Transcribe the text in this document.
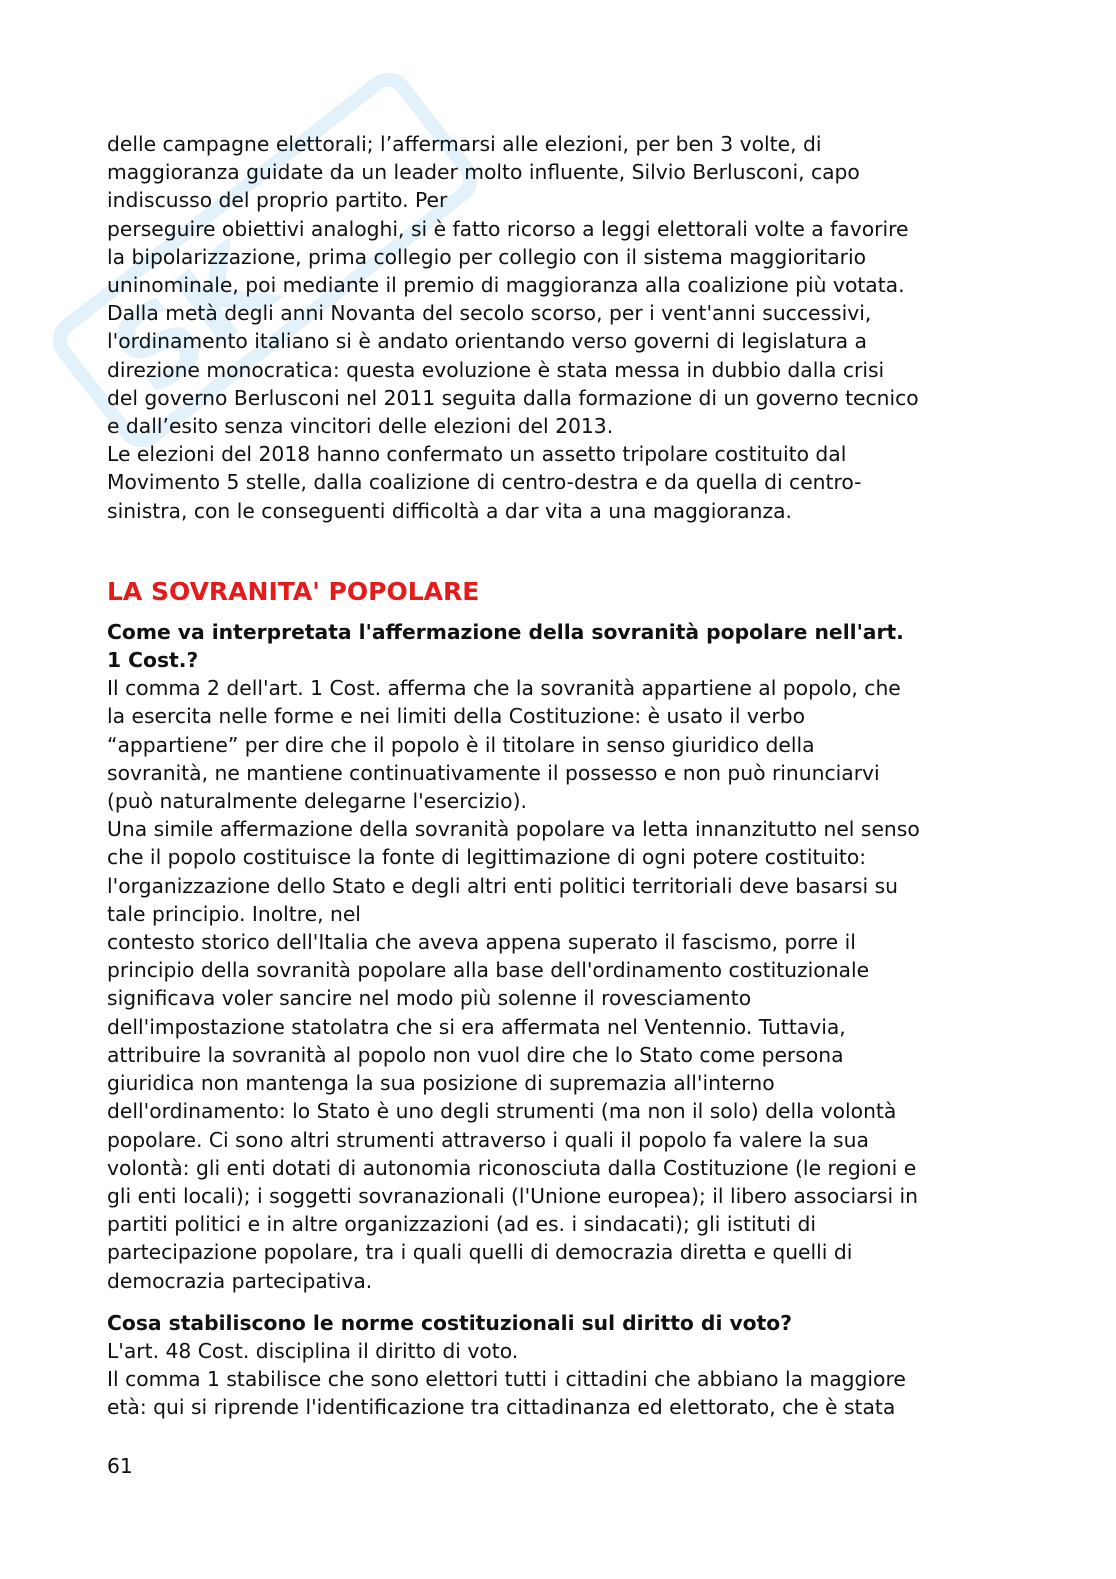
SK

delle campagne elettorali; l’affermarsi alle elezioni, per ben 3 volte, di
maggioranza guidate da un leader molto influente, Silvio Berlusconi, capo
indiscusso del proprio partito. Per
perseguire obiettivi analoghi, si è fatto ricorso a leggi elettorali volte a favorire
la bipolarizzazione, prima collegio per collegio con il sistema maggioritario
uninominale, poi mediante il premio di maggioranza alla coalizione più votata.
Dalla metà degli anni Novanta del secolo scorso, per i vent'anni successivi,
l'ordinamento italiano si è andato orientando verso governi di legislatura a
direzione monocratica: questa evoluzione è stata messa in dubbio dalla crisi
del governo Berlusconi nel 2011 seguita dalla formazione di un governo tecnico
e dall’esito senza vincitori delle elezioni del 2013.
Le elezioni del 2018 hanno confermato un assetto tripolare costituito dal
Movimento 5 stelle, dalla coalizione di centro-destra e da quella di centro-
sinistra, con le conseguenti difficoltà a dar vita a una maggioranza.

LA SOVRANITA' POPOLARE

Come va interpretata l'affermazione della sovranità popolare nell'art.
1 Cost.?

Il comma 2 dell'art. 1 Cost. afferma che la sovranità appartiene al popolo, che
la esercita nelle forme e nei limiti della Costituzione: è usato il verbo
“appartiene” per dire che il popolo è il titolare in senso giuridico della
sovranità, ne mantiene continuativamente il possesso e non può rinunciarvi
(può naturalmente delegarne l'esercizio).
Una simile affermazione della sovranità popolare va letta innanzitutto nel senso
che il popolo costituisce la fonte di legittimazione di ogni potere costituito:
l'organizzazione dello Stato e degli altri enti politici territoriali deve basarsi su
tale principio. Inoltre, nel
contesto storico dell'Italia che aveva appena superato il fascismo, porre il
principio della sovranità popolare alla base dell'ordinamento costituzionale
significava voler sancire nel modo più solenne il rovesciamento
dell'impostazione statolatra che si era affermata nel Ventennio. Tuttavia,
attribuire la sovranità al popolo non vuol dire che lo Stato come persona
giuridica non mantenga la sua posizione di supremazia all'interno
dell'ordinamento: lo Stato è uno degli strumenti (ma non il solo) della volontà
popolare. Ci sono altri strumenti attraverso i quali il popolo fa valere la sua
volontà: gli enti dotati di autonomia riconosciuta dalla Costituzione (le regioni e
gli enti locali); i soggetti sovranazionali (l'Unione europea); il libero associarsi in
partiti politici e in altre organizzazioni (ad es. i sindacati); gli istituti di
partecipazione popolare, tra i quali quelli di democrazia diretta e quelli di
democrazia partecipativa.

Cosa stabiliscono le norme costituzionali sul diritto di voto?

L'art. 48 Cost. disciplina il diritto di voto.
Il comma 1 stabilisce che sono elettori tutti i cittadini che abbiano la maggiore
età: qui si riprende l'identificazione tra cittadinanza ed elettorato, che è stata

61
